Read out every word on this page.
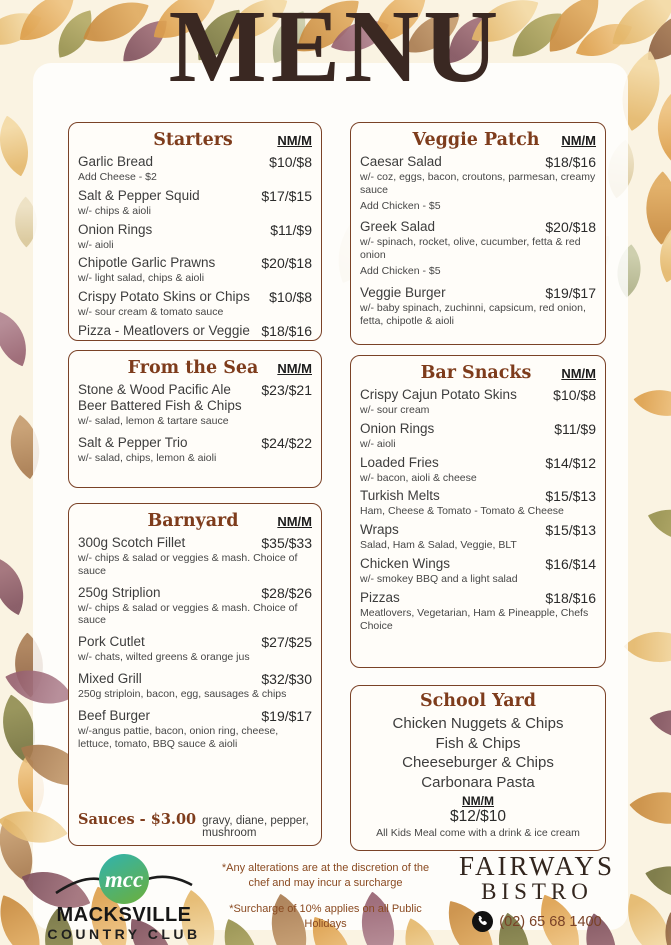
MENU
Starters	NM/M
Garlic Bread	$10/$8
Add Cheese - $2
Salt & Pepper Squid	$17/$15
w/- chips & aioli
Onion Rings	$11/$9
w/- aioli
Chipotle Garlic Prawns	$20/$18
w/- light salad, chips & aioli
Crispy Potato Skins or Chips $10/$8
w/- sour cream & tomato sauce
Pizza - Meatlovers or Veggie $18/$16
From the Sea	NM/M
Stone & Wood Pacific Ale $23/$21
Beer Battered Fish & Chips
w/- salad, lemon & tartare sauce
Salt & Pepper Trio	$24/$22
w/- salad, chips, lemon & aioli
Barnyard	NM/M
300g Scotch Fillet	$35/$33
w/- chips & salad or veggies & mash. Choice of sauce
250g Striplion	$28/$26
w/- chips & salad or veggies & mash. Choice of sauce
Pork Cutlet	$27/$25
w/- chats, wilted greens & orange jus
Mixed Grill	$32/$30
250g striploin, bacon, egg, sausages & chips
Beef Burger	$19/$17
w/-angus pattie, bacon, onion ring, cheese, lettuce, tomato, BBQ sauce & aioli
Sauces - $3.00 gravy, diane, pepper, mushroom
Veggie Patch	NM/M
Caesar Salad	$18/$16
w/- coz, eggs, bacon, croutons, parmesan, creamy sauce
Add Chicken - $5
Greek Salad	$20/$18
w/- spinach, rocket, olive, cucumber, fetta & red onion
Add Chicken - $5
Veggie Burger	$19/$17
w/- baby spinach, zuchinni, capsicum, red onion, fetta, chipotle & aioli
Bar Snacks	NM/M
Crispy Cajun Potato Skins	$10/$8
w/- sour cream
Onion Rings	$11/$9
w/- aioli
Loaded Fries	$14/$12
w/- bacon, aioli & cheese
Turkish Melts	$15/$13
Ham, Cheese & Tomato - Tomato & Cheese
Wraps	$15/$13
Salad, Ham & Salad, Veggie, BLT
Chicken Wings	$16/$14
w/- smokey BBQ and a light salad
Pizzas	$18/$16
Meatlovers, Vegetarian, Ham & Pineapple, Chefs Choice
School Yard
Chicken Nuggets & Chips
Fish & Chips
Cheeseburger & Chips
Carbonara Pasta
NM/M
$12/$10
All Kids Meal come with a drink & ice cream
mcc
MACKSVILLE
COUNTRY CLUB

*Any alterations are at the discretion of the chef and may incur a surcharge

*Surcharge of 10% applies on all Public Holidays

FAIRWAYS
BISTRO
(02) 65 68 1400
